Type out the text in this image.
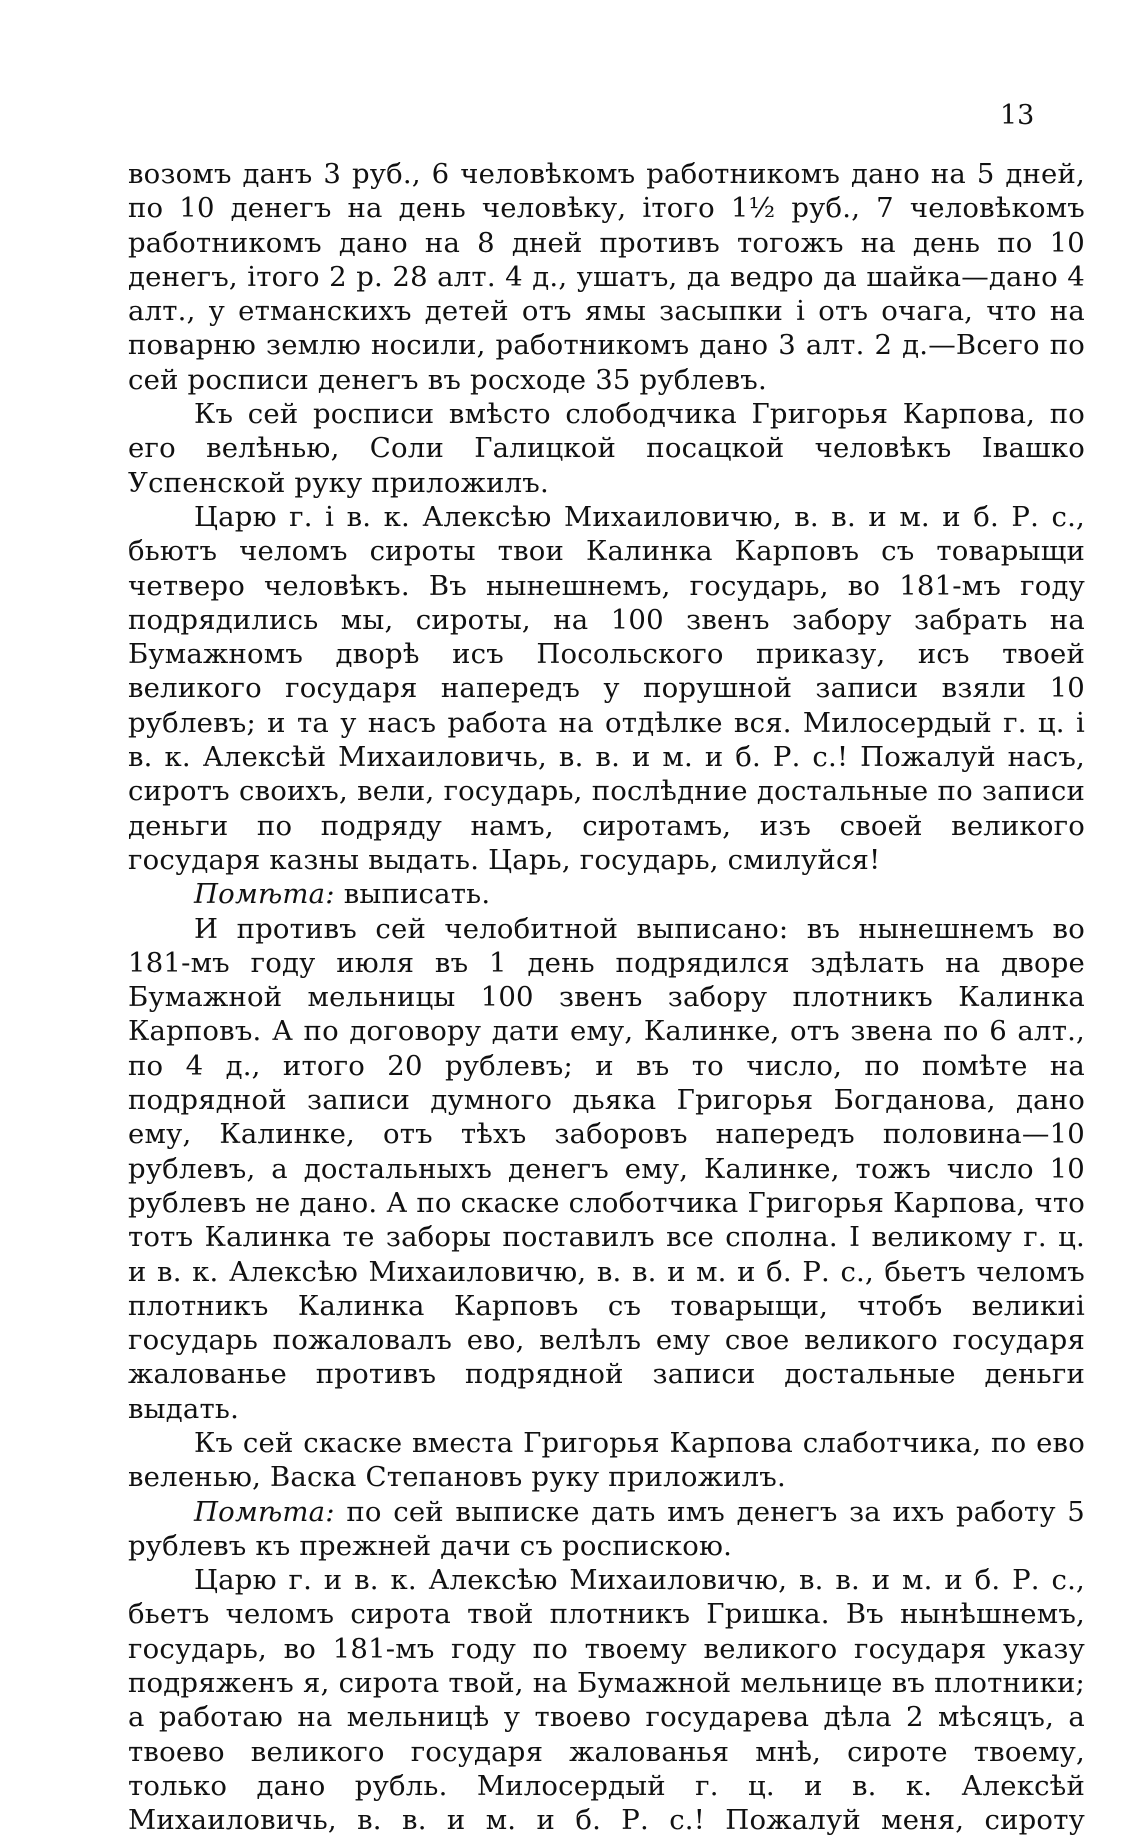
13

возомъ данъ 3 руб., 6 человѣкомъ работникомъ дано на 5 дней, по 10 денегъ на день человѣку, ітого 1½ руб., 7 человѣкомъ работникомъ дано на 8 дней противъ тогожъ на день по 10 денегъ, ітого 2 р. 28 алт. 4 д., ушатъ, да ведро да шайка—дано 4 алт., у етманскихъ детей отъ ямы засыпки і отъ очага, что на поварню землю носили, работникомъ дано 3 алт. 2 д.—Всего по сей росписи денегъ въ росходе 35 рублевъ.

Къ сей росписи вмѣсто слободчика Григорья Карпова, по его велѣнью, Соли Галицкой посацкой человѣкъ Івашко Успенской руку приложилъ.

Царю г. і в. к. Алексѣю Михаиловичю, в. в. и м. и б. Р. с., бьютъ челомъ сироты твои Калинка Карповъ съ товарыщи четверо человѣкъ. Въ нынешнемъ, государь, во 181-мъ году подрядились мы, сироты, на 100 звенъ забору забрать на Бумажномъ дворѣ исъ Посольского приказу, исъ твоей великого государя напередъ у порушной записи взяли 10 рублевъ; и та у насъ работа на отдѣлке вся. Милосердый г. ц. і в. к. Алексѣй Михаиловичь, в. в. и м. и б. Р. с.! Пожалуй насъ, сиротъ своихъ, вели, государь, послѣдние достальные по записи деньги по подряду намъ, сиротамъ, изъ своей великого государя казны выдать. Царь, государь, смилуйся!

Помѣта: выписать.

И противъ сей челобитной выписано: въ нынешнемъ во 181-мъ году июля въ 1 день подрядился здѣлать на дворе Бумажной мельницы 100 звенъ забору плотникъ Калинка Карповъ. А по договору дати ему, Калинке, отъ звена по 6 алт., по 4 д., итого 20 рублевъ; и въ то число, по помѣте на подрядной записи думного дьяка Григорья Богданова, дано ему, Калинке, отъ тѣхъ заборовъ напередъ половина—10 рублевъ, а достальныхъ денегъ ему, Калинке, тожъ число 10 рублевъ не дано. А по скаске слоботчика Григорья Карпова, что тотъ Калинка те заборы поставилъ все сполна. І великому г. ц. и в. к. Алексѣю Михаиловичю, в. в. и м. и б. Р. с., бьетъ челомъ плотникъ Калинка Карповъ съ товарыщи, чтобъ великиі государь пожаловалъ ево, велѣлъ ему свое великого государя жалованье противъ подрядной записи достальные деньги выдать.

Къ сей скаске вместа Григорья Карпова слаботчика, по ево веленью, Васка Степановъ руку приложилъ.

Помѣта: по сей выписке дать имъ денегъ за ихъ работу 5 рублевъ къ прежней дачи съ роспискою.

Царю г. и в. к. Алексѣю Михаиловичю, в. в. и м. и б. Р. с., бьетъ челомъ сирота твой плотникъ Гришка. Въ нынѣшнемъ, государь, во 181-мъ году по твоему великого государя указу подряженъ я, сирота твой, на Бумажной мельнице въ плотники; а работаю на мельницѣ у твоево государева дѣла 2 мѣсяцъ, а твоево великого государя жалованья мнѣ, сироте твоему, только дано рубль. Милосердый г. ц. и в. к. Алексѣй Михаиловичь, в. в. и м. и б. Р. с.! Пожалуй меня, сироту
